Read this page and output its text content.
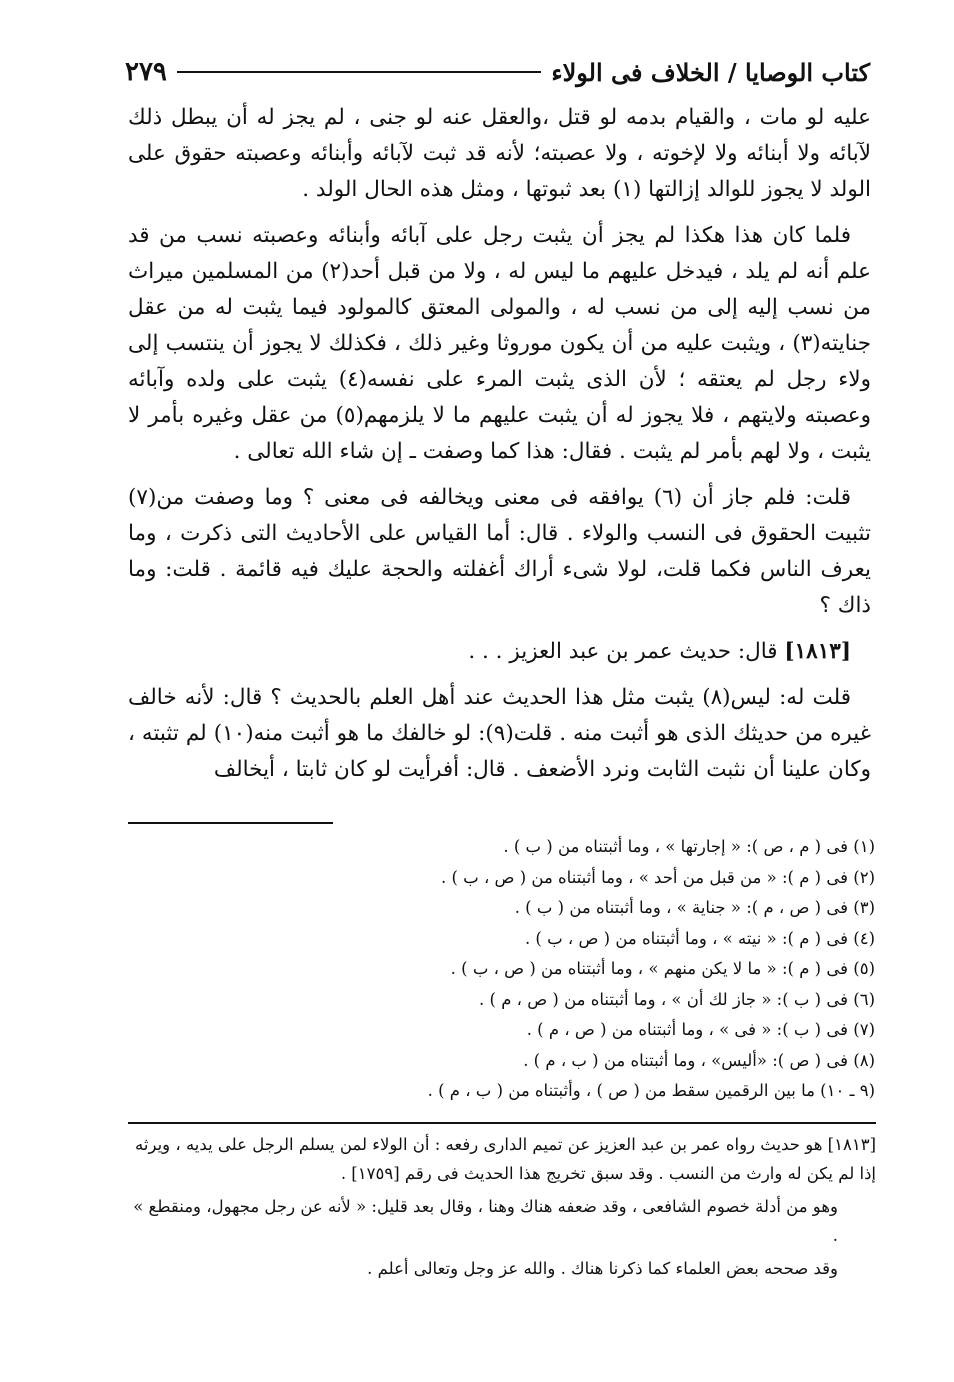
كتاب الوصايا / الخلاف فى الولاء
٢٧٩

عليه لو مات ، والقيام بدمه لو قتل ،والعقل عنه لو جنى ، لم يجز له أن يبطل ذلك لآبائه ولا أبنائه ولا لإخوته ، ولا عصبته؛ لأنه قد ثبت لآبائه وأبنائه وعصبته حقوق على الولد لا يجوز للوالد إزالتها (١) بعد ثبوتها ، ومثل هذه الحال الولد .

فلما كان هذا هكذا لم يجز أن يثبت رجل على آبائه وأبنائه وعصبته نسب من قد علم أنه لم يلد ، فيدخل عليهم ما ليس له ، ولا من قبل أحد(٢) من المسلمين ميراث من نسب إليه إلى من نسب له ، والمولى المعتق كالمولود فيما يثبت له من عقل جنايته(٣) ، ويثبت عليه من أن يكون موروثا وغير ذلك ، فكذلك لا يجوز أن ينتسب إلى ولاء رجل لم يعتقه ؛ لأن الذى يثبت المرء على نفسه(٤) يثبت على ولده وآبائه وعصبته ولايتهم ، فلا يجوز له أن يثبت عليهم ما لا يلزمهم(٥) من عقل وغيره بأمر لا يثبت ، ولا لهم بأمر لم يثبت . فقال: هذا كما وصفت ـ إن شاء الله تعالى .

قلت: فلم جاز أن (٦) يوافقه فى معنى ويخالفه فى معنى ؟ وما وصفت من(٧) تثبيت الحقوق فى النسب والولاء . قال: أما القياس على الأحاديث التى ذكرت ، وما يعرف الناس فكما قلت، لولا شىء أراك أغفلته والحجة عليك فيه قائمة . قلت: وما ذاك ؟

[١٨١٣] قال: حديث عمر بن عبد العزيز . . .

قلت له: ليس(٨) يثبت مثل هذا الحديث عند أهل العلم بالحديث ؟ قال: لأنه خالف غيره من حديثك الذى هو أثبت منه . قلت(٩): لو خالفك ما هو أثبت منه(١٠) لم تثبته ، وكان علينا أن نثبت الثابت ونرد الأضعف . قال: أفرأيت لو كان ثابتا ، أيخالف

(١) فى ( م ، ص ): « إجارتها » ، وما أثبتناه من ( ب ) .
(٢) فى ( م ): « من قبل من أحد » ، وما أثبتناه من ( ص ، ب ) .
(٣) فى ( ص ، م ): « جناية » ، وما أثبتناه من ( ب ) .
(٤) فى ( م ): « نيته » ، وما أثبتناه من ( ص ، ب ) .
(٥) فى ( م ): « ما لا يكن منهم » ، وما أثبتناه من ( ص ، ب ) .
(٦) فى ( ب ): « جاز لك أن » ، وما أثبتناه من ( ص ، م ) .
(٧) فى ( ب ): « فى » ، وما أثبتناه من ( ص ، م ) .
(٨) فى ( ص ): «أليس» ، وما أثبتناه من ( ب ، م ) .
(٩ ـ ١٠) ما بين الرقمين سقط من ( ص ) ، وأثبتناه من ( ب ، م ) .

[١٨١٣] هو حديث رواه عمر بن عبد العزيز عن تميم الدارى رفعه : أن الولاء لمن يسلم الرجل على يديه ، ويرثه إذا لم يكن له وارث من النسب . وقد سبق تخريج هذا الحديث فى رقم [١٧٥٩] .

وهو من أدلة خصوم الشافعى ، وقد ضعفه هناك وهنا ، وقال بعد قليل: « لأنه عن رجل مجهول، ومنقطع » .

وقد صححه بعض العلماء كما ذكرنا هناك . والله عز وجل وتعالى أعلم .
